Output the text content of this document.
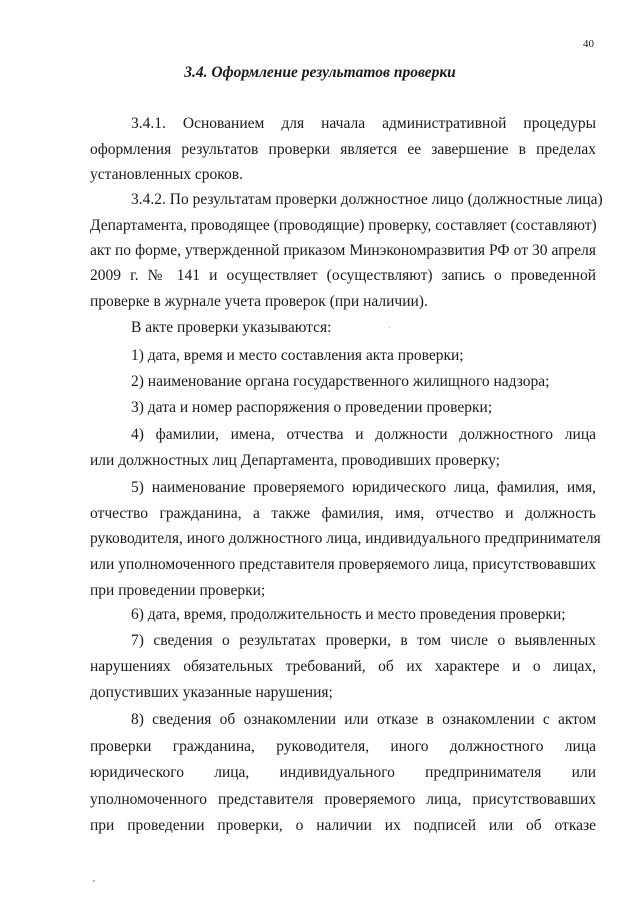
40
3.4. Оформление результатов проверки
3.4.1. Основанием для начала административной процедуры
оформления результатов проверки является ее завершение в пределах
установленных сроков.
3.4.2. По результатам проверки должностное лицо (должностные лица)
Департамента, проводящее (проводящие) проверку, составляет (составляют)
акт по форме, утвержденной приказом Минэкономразвития РФ от 30 апреля
2009 г. № 141 и осуществляет (осуществляют) запись о проведенной
проверке в журнале учета проверок (при наличии).
В акте проверки указываются:
1) дата, время и место составления акта проверки;
2) наименование органа государственного жилищного надзора;
3) дата и номер распоряжения о проведении проверки;
4) фамилии, имена, отчества и должности должностного лица
или должностных лиц Департамента, проводивших проверку;
5) наименование проверяемого юридического лица, фамилия, имя,
отчество гражданина, а также фамилия, имя, отчество и должность
руководителя, иного должностного лица, индивидуального предпринимателя
или уполномоченного представителя проверяемого лица, присутствовавших
при проведении проверки;
6) дата, время, продолжительность и место проведения проверки;
7) сведения о результатах проверки, в том числе о выявленных
нарушениях обязательных требований, об их характере и о лицах,
допустивших указанные нарушения;
8) сведения об ознакомлении или отказе в ознакомлении с актом
проверки гражданина, руководителя, иного должностного лица
юридического лица, индивидуального предпринимателя или
уполномоченного представителя проверяемого лица, присутствовавших
при проведении проверки, о наличии их подписей или об отказе
